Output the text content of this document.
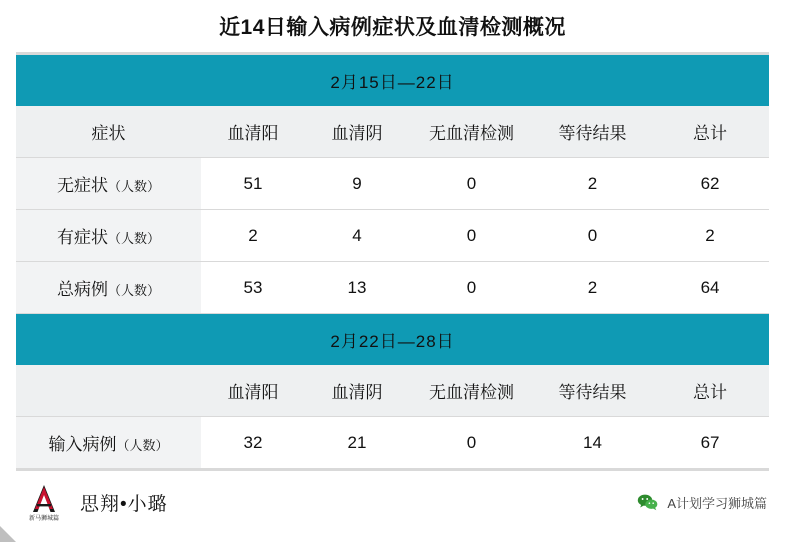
近14日输入病例症状及血清检测概况
2月15日—22日					
症状	血清阳	血清阴	无血清检测	等待结果	总计
无症状（人数）	51	9	0	2	62
有症状（人数）	2	4	0	0	2
总病例（人数）	53	13	0	2	64
2月22日—28日					
	血清阳	血清阴	无血清检测	等待结果	总计
输入病例（人数）	32	21	0	14	67
新马狮城篇
思翔•小璐	A计划学习狮城篇
